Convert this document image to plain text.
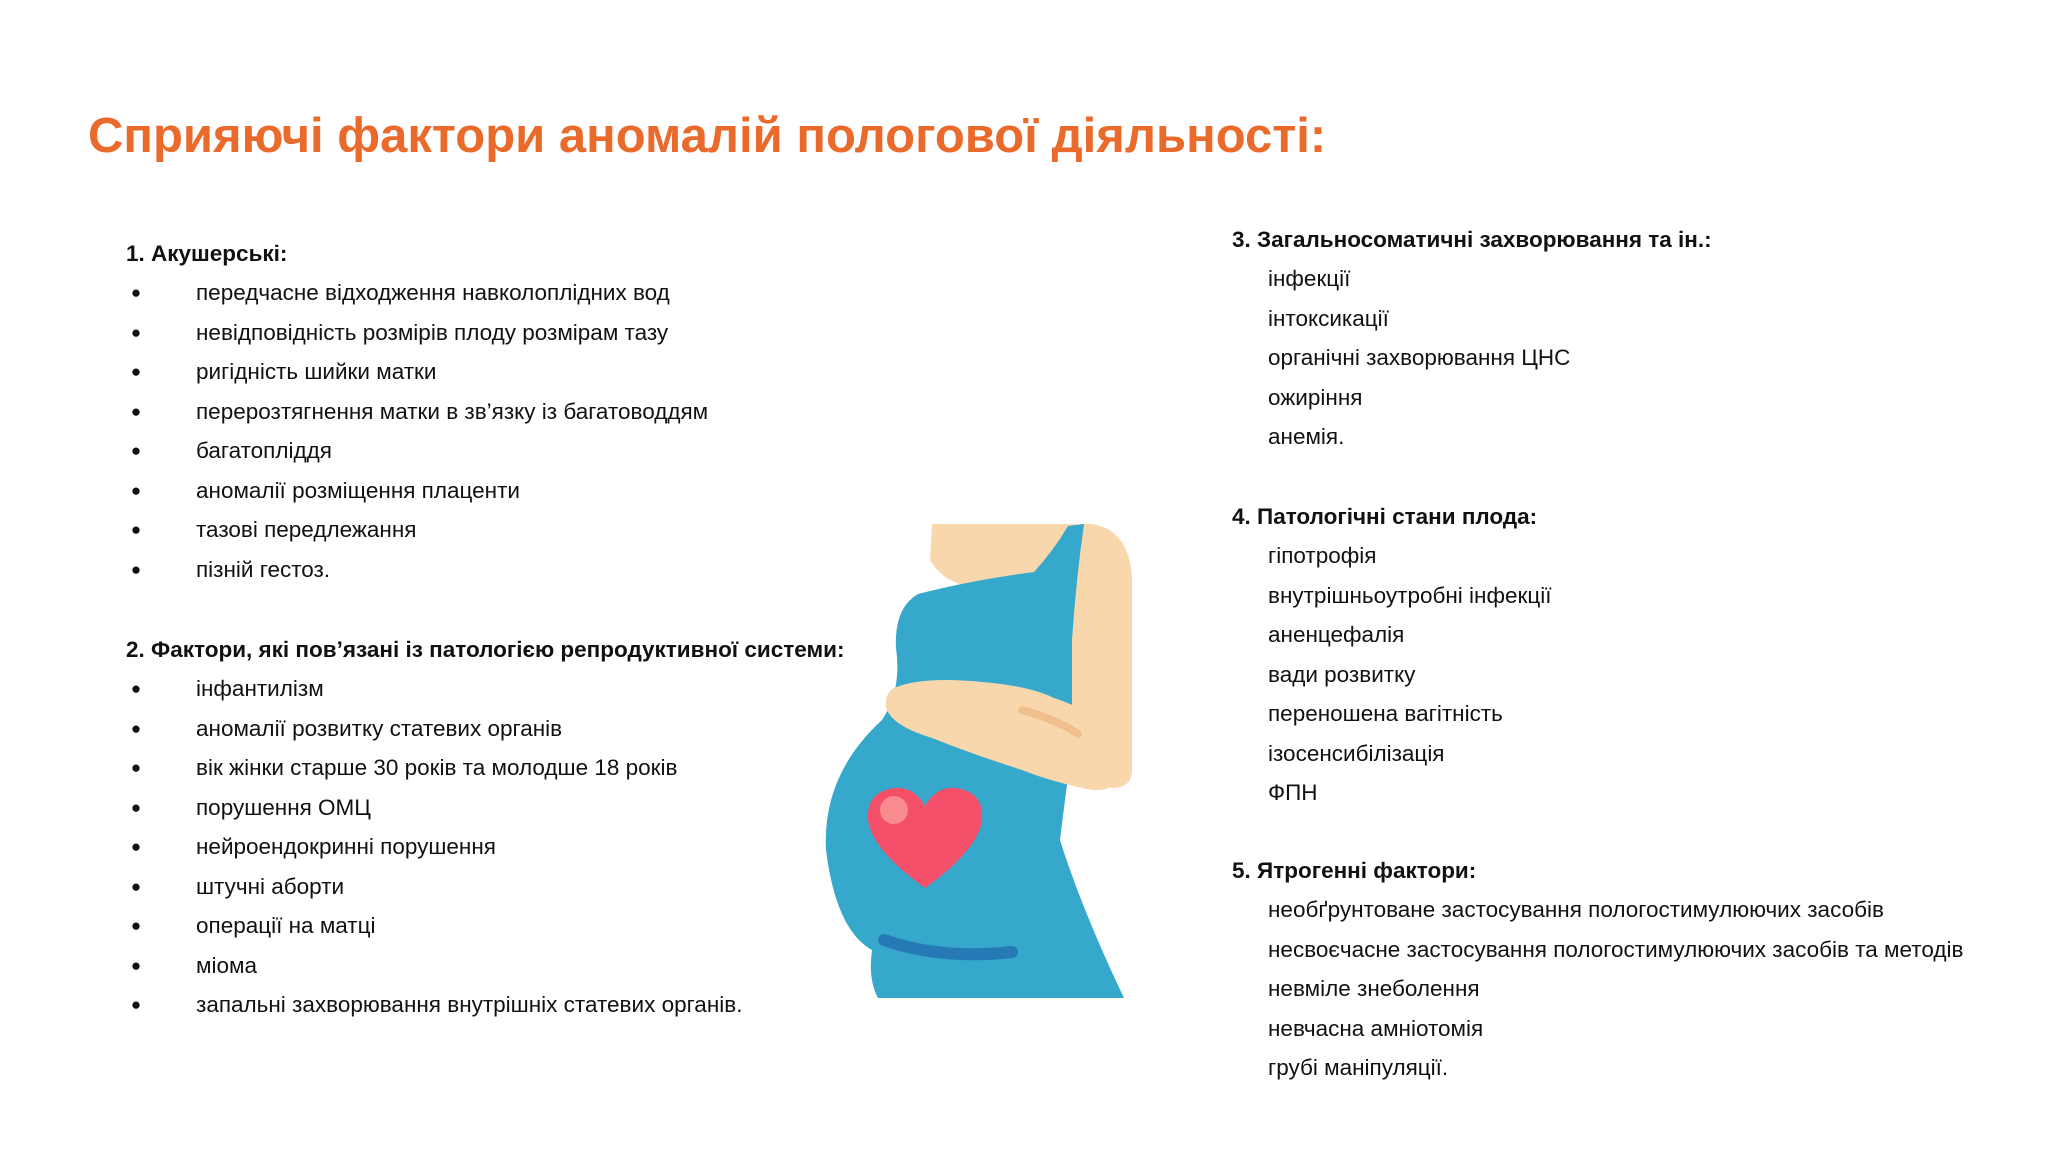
Сприяючі фактори аномалій пологової діяльності:
1. Акушерські:
● передчасне відходження навколоплідних вод
● невідповідність розмірів плоду розмірам тазу
● ригідність шийки матки
● перерозтягнення матки в зв’язку із багатоводдям
● багатопліддя
● аномалії розміщення плаценти
● тазові передлежання
● пізній гестоз.
2. Фактори, які пов’язані із патологією репродуктивної системи:
● інфантилізм
● аномалії розвитку статевих органів
● вік жінки старше 30 років та молодше 18 років
● порушення ОМЦ
● нейроендокринні порушення
● штучні аборти
● операції на матці
● міома
● запальні захворювання внутрішніх статевих органів.
3. Загальносоматичні захворювання та ін.:
інфекції
інтоксикації
органічні захворювання ЦНС
ожиріння
анемія.
4. Патологічні стани плода:
гіпотрофія
внутрішньоутробні інфекції
аненцефалія
вади розвитку
переношена вагітність
ізосенсибілізація
ФПН
5. Ятрогенні фактори:
необґрунтоване застосування пологостимулюючих засобів
несвоєчасне застосування пологостимулюючих засобів та методів
невміле знеболення
невчасна амніотомія
грубі маніпуляції.
